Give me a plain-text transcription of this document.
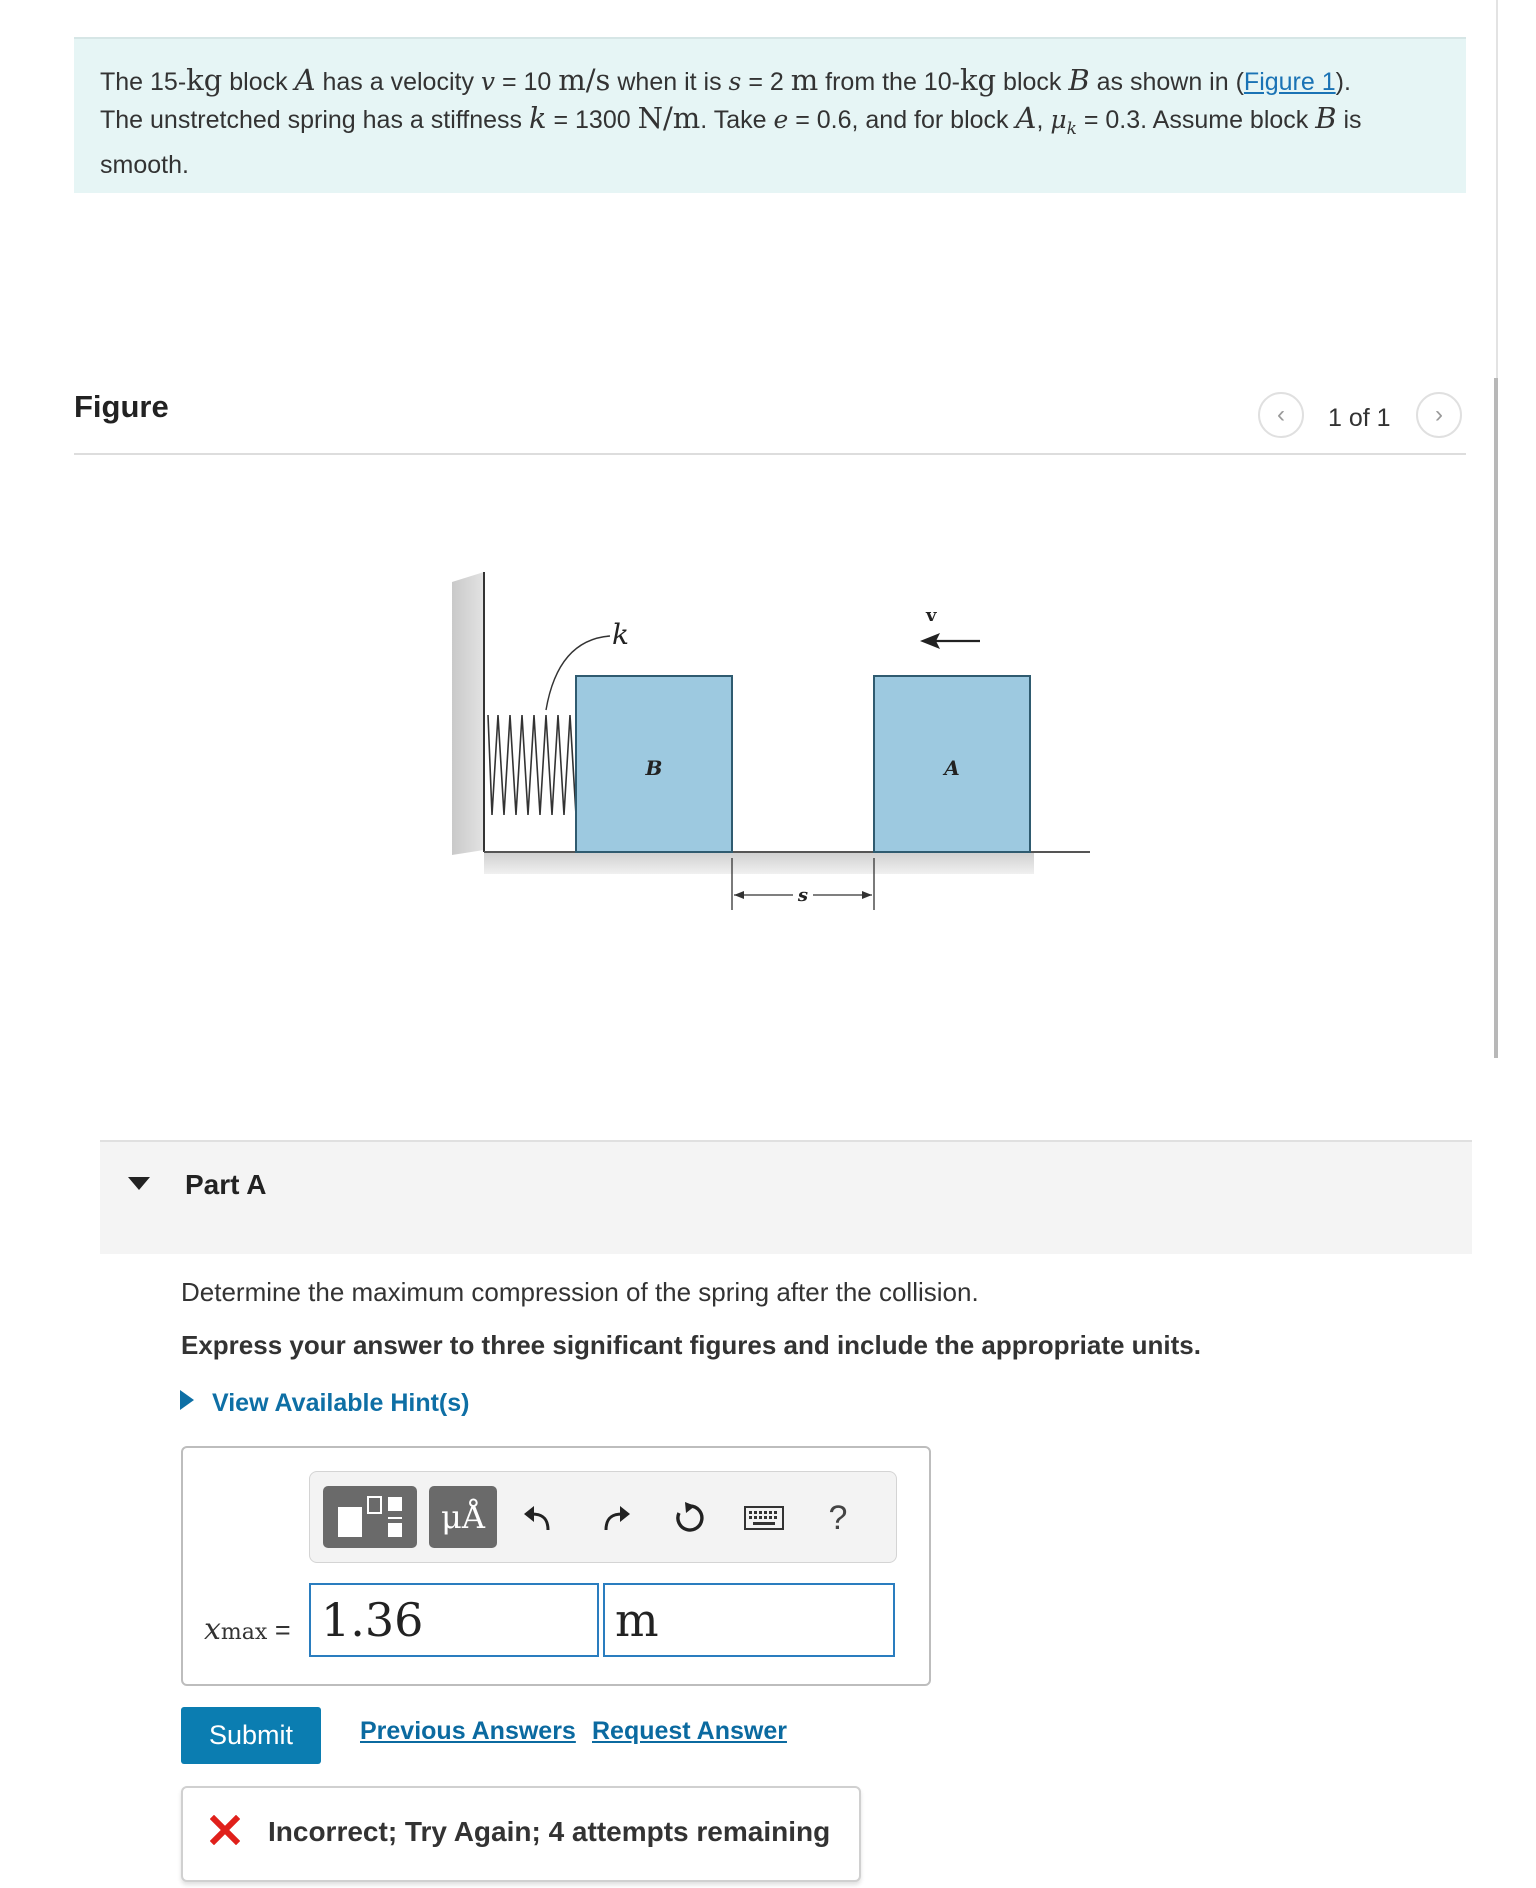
The 15-kg block A has a velocity v = 10 m/s when it is s = 2 m from the 10-kg block B as shown in (Figure 1).
The unstretched spring has a stiffness k = 1300 N/m. Take e = 0.6, and for block A, $\mu_k = 0.3$. Assume block B is
smooth.
Figure	‹ 1 of 1 ›
k
B	A
v
s
Part A
Determine the maximum compression of the spring after the collision.
Express your answer to three significant figures and include the appropriate units.
View Available Hint(s)
μÅ	?
xmax = 1.36	m
Submit	Previous Answers Request Answer
Incorrect; Try Again; 4 attempts remaining
